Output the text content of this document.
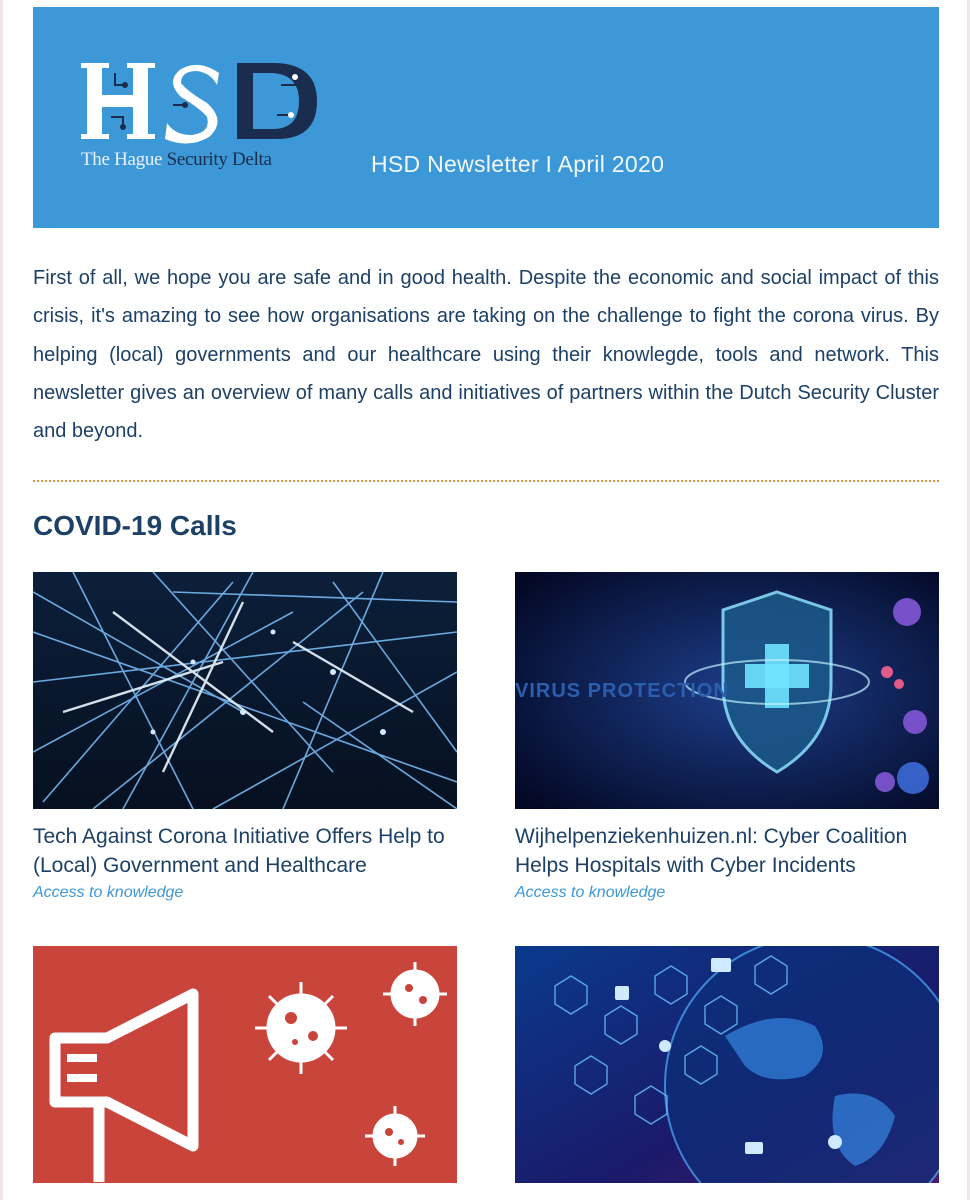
The Hague Security Delta	HSD Newsletter I April 2020

First of all, we hope you are safe and in good health. Despite the economic and social impact of this crisis, it's amazing to see how organisations are taking on the challenge to fight the corona virus. By helping (local) governments and our healthcare using their knowlegde, tools and network. This newsletter gives an overview of many calls and initiatives of partners within the Dutch Security Cluster and beyond.

COVID-19 Calls

Tech Against Corona Initiative Offers Help to (Local) Government and Healthcare

Access to knowledge
VIRUS PROTECTION

Wijhelpenziekenhuizen.nl: Cyber Coalition Helps Hospitals with Cyber Incidents

Access to knowledge
